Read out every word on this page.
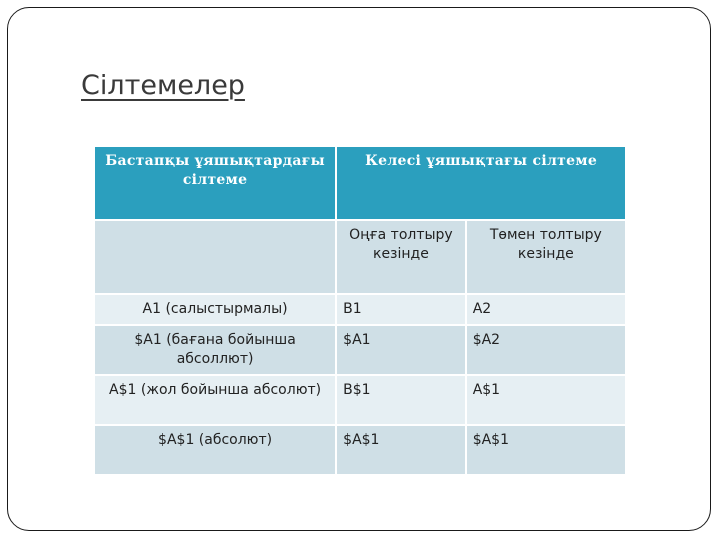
Сілтемелер
Бастапқы ұяшықтардағы сілтеме	Келесі ұяшықтағы сілтеме	
	Оңға толтыру кезінде	Төмен толтыру кезінде
A1 (салыстырмалы)	B1	A2
$A1 (бағана бойынша абсоллют)	$A1	$A2
A$1 (жол бойынша абсолют)	B$1	A$1
$A$1 (абсолют)	$A$1	$A$1
